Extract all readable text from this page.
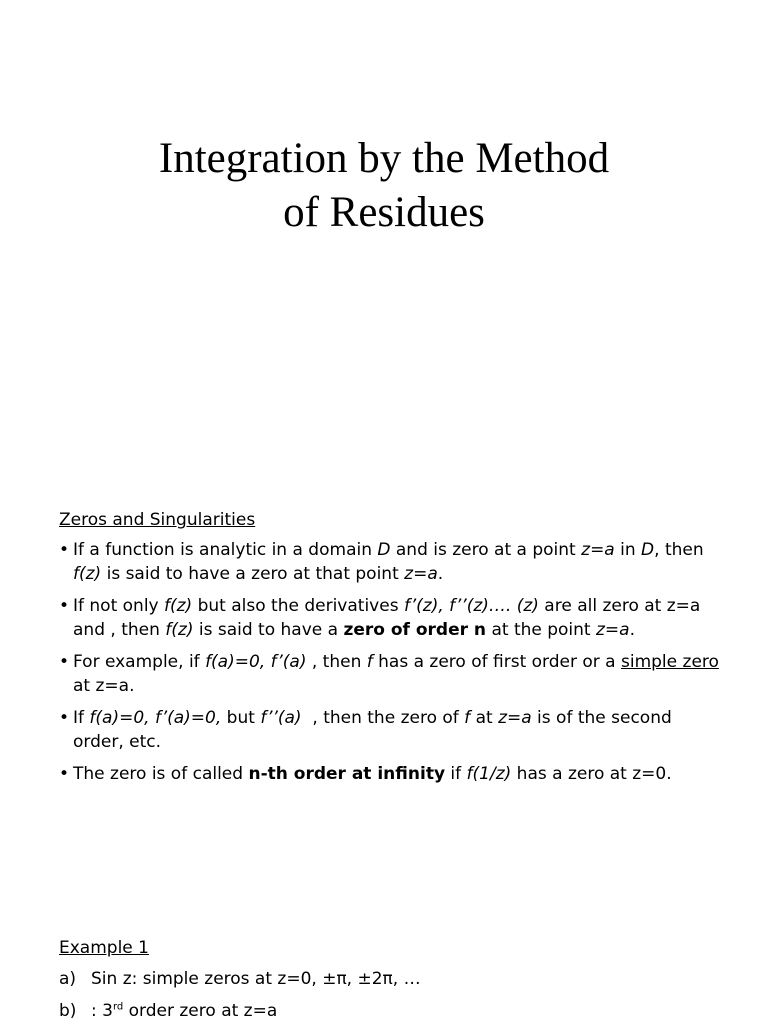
Integration by the Method
of Residues
Zeros and Singularities
• If a function is analytic in a domain D and is zero at a point z=a in D, then f(z) is said to have a zero at that point z=a.
• If not only f(z) but also the derivatives f’(z), f’’(z)…. (z) are all zero at z=a and , then f(z) is said to have a zero of order n at the point z=a.
• For example, if f(a)=0, f’(a) , then f has a zero of first order or a simple zero at z=a.
• If f(a)=0, f’(a)=0, but f’’(a)  , then the zero of f at z=a is of the second order, etc.
• The zero is of called n-th order at infinity if f(1/z) has a zero at z=0.
Example 1
a) Sin z: simple zeros at z=0, ±π, ±2π, …
b) : 3rd order zero at z=a
